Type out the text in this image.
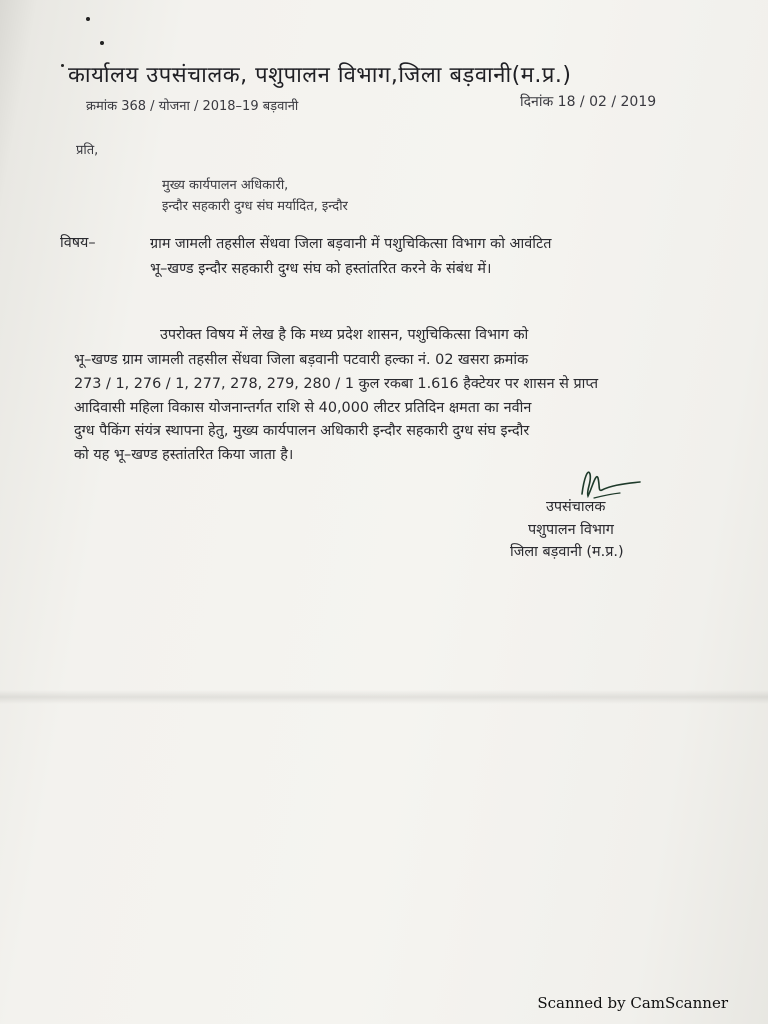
कार्यालय उपसंचालक, पशुपालन विभाग,जिला बड़वानी(म.प्र.)
क्रमांक 368 / योजना / 2018–19 बड़वानी	दिनांक 18 / 02 / 2019
प्रति,
मुख्य कार्यपालन अधिकारी,
इन्दौर सहकारी दुग्ध संघ मर्यादित, इन्दौर
विषय–	ग्राम जामली तहसील सेंधवा जिला बड़वानी में पशुचिकित्सा विभाग को आवंटित
भू–खण्ड इन्दौर सहकारी दुग्ध संघ को हस्तांतरित करने के संबंध में।
उपरोक्त विषय में लेख है कि मध्य प्रदेश शासन, पशुचिकित्सा विभाग को
भू–खण्ड ग्राम जामली तहसील सेंधवा जिला बड़वानी पटवारी हल्का नं. 02 खसरा क्रमांक
273 / 1, 276 / 1, 277, 278, 279, 280 / 1 कुल रकबा 1.616 हैक्टेयर पर शासन से प्राप्त
आदिवासी महिला विकास योजनान्तर्गत राशि से 40,000 लीटर प्रतिदिन क्षमता का नवीन
दुग्ध पैकिंग संयंत्र स्थापना हेतु, मुख्य कार्यपालन अधिकारी इन्दौर सहकारी दुग्ध संघ इन्दौर
को यह भू–खण्ड हस्तांतरित किया जाता है।
उपसंचालक
पशुपालन विभाग
जिला बड़वानी (म.प्र.)
Scanned by CamScanner
